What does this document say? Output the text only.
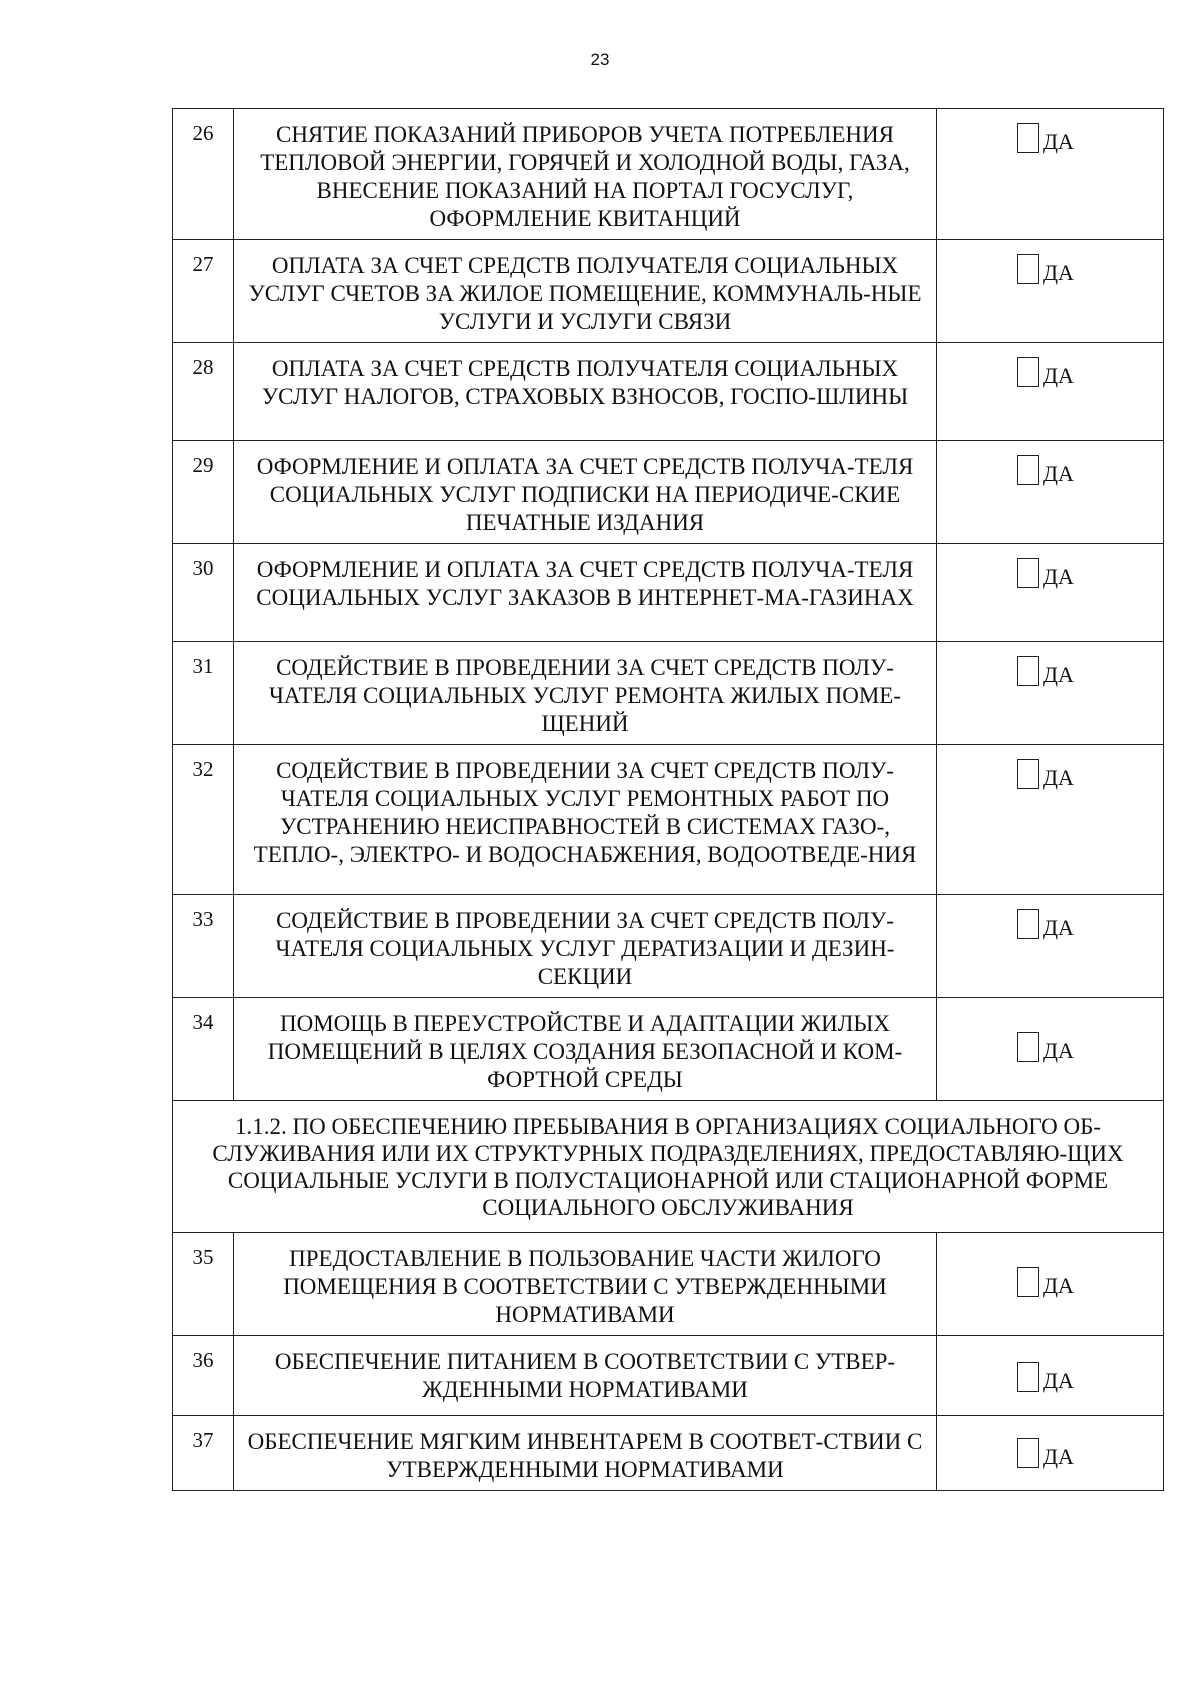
23
26	СНЯТИЕ ПОКАЗАНИЙ ПРИБОРОВ УЧЕТА ПОТРЕБЛЕНИЯ ТЕПЛОВОЙ ЭНЕРГИИ, ГОРЯЧЕЙ И ХОЛОДНОЙ ВОДЫ, ГАЗА, ВНЕСЕНИЕ ПОКАЗАНИЙ НА ПОРТАЛ ГОСУСЛУГ, ОФОРМЛЕНИЕ КВИТАНЦИЙ	ДА

27	ОПЛАТА ЗА СЧЕТ СРЕДСТВ ПОЛУЧАТЕЛЯ СОЦИАЛЬНЫХ УСЛУГ СЧЕТОВ ЗА ЖИЛОЕ ПОМЕЩЕНИЕ, КОММУНАЛЬ-НЫЕ УСЛУГИ И УСЛУГИ СВЯЗИ	ДА

28	ОПЛАТА ЗА СЧЕТ СРЕДСТВ ПОЛУЧАТЕЛЯ СОЦИАЛЬНЫХ УСЛУГ НАЛОГОВ, СТРАХОВЫХ ВЗНОСОВ, ГОСПО-ШЛИНЫ	ДА

29	ОФОРМЛЕНИЕ И ОПЛАТА ЗА СЧЕТ СРЕДСТВ ПОЛУЧА-ТЕЛЯ СОЦИАЛЬНЫХ УСЛУГ ПОДПИСКИ НА ПЕРИОДИЧЕ-СКИЕ ПЕЧАТНЫЕ ИЗДАНИЯ	ДА

30	ОФОРМЛЕНИЕ И ОПЛАТА ЗА СЧЕТ СРЕДСТВ ПОЛУЧА-ТЕЛЯ СОЦИАЛЬНЫХ УСЛУГ ЗАКАЗОВ В ИНТЕРНЕТ-МА-ГАЗИНАХ	ДА

31	СОДЕЙСТВИЕ В ПРОВЕДЕНИИ ЗА СЧЕТ СРЕДСТВ ПОЛУ-ЧАТЕЛЯ СОЦИАЛЬНЫХ УСЛУГ РЕМОНТА ЖИЛЫХ ПОМЕ-ЩЕНИЙ	ДА

32	СОДЕЙСТВИЕ В ПРОВЕДЕНИИ ЗА СЧЕТ СРЕДСТВ ПОЛУ-ЧАТЕЛЯ СОЦИАЛЬНЫХ УСЛУГ РЕМОНТНЫХ РАБОТ ПО УСТРАНЕНИЮ НЕИСПРАВНОСТЕЙ В СИСТЕМАХ ГАЗО-, ТЕПЛО-, ЭЛЕКТРО- И ВОДОСНАБЖЕНИЯ, ВОДООТВЕДЕ-НИЯ	ДА

33	СОДЕЙСТВИЕ В ПРОВЕДЕНИИ ЗА СЧЕТ СРЕДСТВ ПОЛУ-ЧАТЕЛЯ СОЦИАЛЬНЫХ УСЛУГ ДЕРАТИЗАЦИИ И ДЕЗИН-СЕКЦИИ	ДА

34	ПОМОЩЬ В ПЕРЕУСТРОЙСТВЕ И АДАПТАЦИИ ЖИЛЫХ ПОМЕЩЕНИЙ В ЦЕЛЯХ СОЗДАНИЯ БЕЗОПАСНОЙ И КОМ-ФОРТНОЙ СРЕДЫ	ДА

1.1.2. ПО ОБЕСПЕЧЕНИЮ ПРЕБЫВАНИЯ В ОРГАНИЗАЦИЯХ СОЦИАЛЬНОГО ОБ-СЛУЖИВАНИЯ ИЛИ ИХ СТРУКТУРНЫХ ПОДРАЗДЕЛЕНИЯХ, ПРЕДОСТАВЛЯЮ-ЩИХ СОЦИАЛЬНЫЕ УСЛУГИ В ПОЛУСТАЦИОНАРНОЙ ИЛИ СТАЦИОНАРНОЙ ФОРМЕ СОЦИАЛЬНОГО ОБСЛУЖИВАНИЯ		
35	ПРЕДОСТАВЛЕНИЕ В ПОЛЬЗОВАНИЕ ЧАСТИ ЖИЛОГО ПОМЕЩЕНИЯ В СООТВЕТСТВИИ С УТВЕРЖДЕННЫМИ НОРМАТИВАМИ	ДА

36	ОБЕСПЕЧЕНИЕ ПИТАНИЕМ В СООТВЕТСТВИИ С УТВЕР-ЖДЕННЫМИ НОРМАТИВАМИ	ДА

37	ОБЕСПЕЧЕНИЕ МЯГКИМ ИНВЕНТАРЕМ В СООТВЕТ-СТВИИ С УТВЕРЖДЕННЫМИ НОРМАТИВАМИ	ДА
